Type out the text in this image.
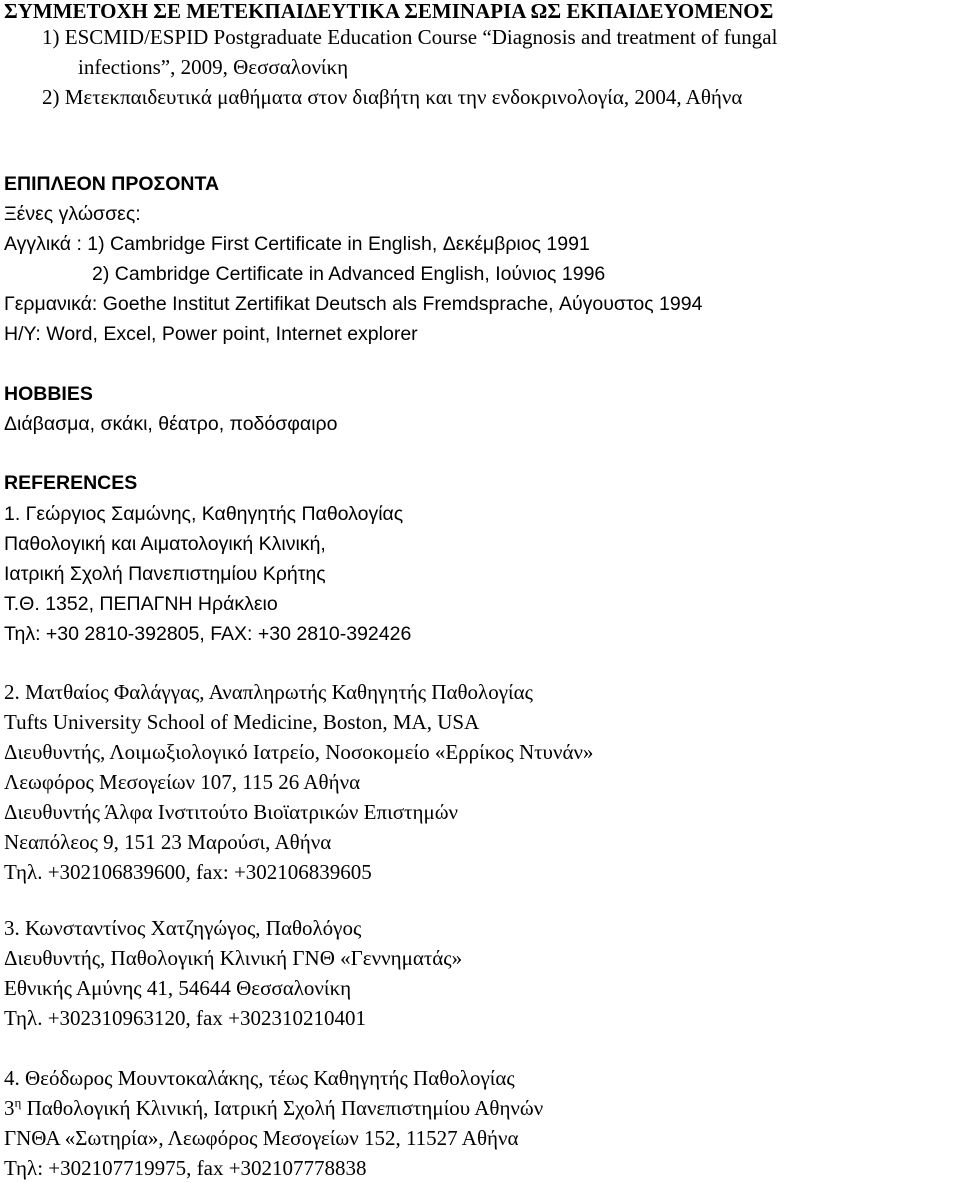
ΣΥΜΜΕΤΟΧΗ ΣΕ ΜΕΤΕΚΠΑΙΔΕΥΤΙΚΑ ΣΕΜΙΝΑΡΙΑ ΩΣ ΕΚΠΑΙΔΕΥΟΜΕΝΟΣ
1) ESCMID/ESPID Postgraduate Education Course “Diagnosis and treatment of fungal
infections”, 2009, Θεσσαλονίκη
2) Μετεκπαιδευτικά μαθήματα στον διαβήτη και την ενδοκρινολογία, 2004, Αθήνα
ΕΠΙΠΛΕΟΝ ΠΡΟΣΟΝΤΑ
Ξένες γλώσσες:
Αγγλικά : 1) Cambridge First Certificate in English, Δεκέμβριος 1991
2) Cambridge Certificate in Advanced English, Ιούνιος 1996
Γερμανικά: Goethe Institut Zertifikat Deutsch als Fremdsprache, Αύγουστος 1994
Η/Υ: Word, Excel, Power point, Internet explorer
HOBBIES
Διάβασμα, σκάκι, θέατρο, ποδόσφαιρο
REFERENCES
1. Γεώργιος Σαμώνης, Καθηγητής Παθολογίας
Παθολογική και Αιματολογική Κλινική,
Ιατρική Σχολή Πανεπιστημίου Κρήτης
Τ.Θ. 1352, ΠΕΠΑΓΝΗ Ηράκλειο
Τηλ: +30 2810-392805, FAX: +30 2810-392426
2. Ματθαίος Φαλάγγας, Αναπληρωτής Καθηγητής Παθολογίας
Tufts University School of Medicine, Boston, MA, USA
Διευθυντής, Λοιμωξιολογικό Ιατρείο, Νοσοκομείο «Ερρίκος Ντυνάν»
Λεωφόρος Μεσογείων 107, 115 26 Αθήνα
Διευθυντής Άλφα Ινστιτούτο Βιοϊατρικών Επιστημών
Νεαπόλεος 9, 151 23 Μαρούσι, Αθήνα
Τηλ. +302106839600, fax: +302106839605
3. Κωνσταντίνος Χατζηγώγος, Παθολόγος
Διευθυντής, Παθολογική Κλινική ΓΝΘ «Γεννηματάς»
Εθνικής Αμύνης 41, 54644 Θεσσαλονίκη
Τηλ. +302310963120, fax +302310210401
4. Θεόδωρος Μουντοκαλάκης, τέως Καθηγητής Παθολογίας
$3^\eta$ Παθολογική Κλινική, Ιατρική Σχολή Πανεπιστημίου Αθηνών
ΓΝΘΑ «Σωτηρία», Λεωφόρος Μεσογείων 152, 11527 Αθήνα
Τηλ: +302107719975, fax +302107778838
